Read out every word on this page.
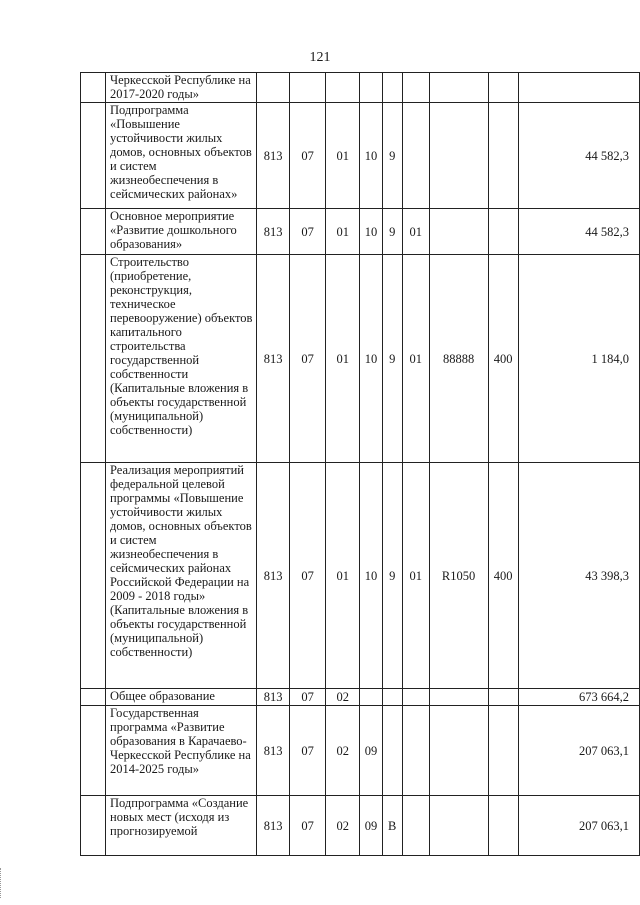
121
	Черкесской Республике на 2017-2020 годы»									
	Подпрограмма «Повышение устойчивости жилых домов, основных объектов и систем жизнеобеспечения в сейсмических районах»	813	07	01	10	9				44 582,3
	Основное мероприятие «Развитие дошкольного образования»	813	07	01	10	9	01			44 582,3
	Строительство (приобретение, реконструкция, техническое перевооружение) объектов капитального строительства государственной собственности (Капитальные вложения в объекты государственной (муниципальной) собственности)	813	07	01	10	9	01	88888	400	1 184,0
	Реализация мероприятий федеральной целевой программы «Повышение устойчивости жилых домов, основных объектов и систем жизнеобеспечения в сейсмических районах Российской Федерации на 2009 - 2018 годы» (Капитальные вложения в объекты государственной (муниципальной) собственности)	813	07	01	10	9	01	R1050	400	43 398,3
	Общее образование	813	07	02						673 664,2
	Государственная программа «Развитие образования в Карачаево-Черкесской Республике на 2014-2025 годы»	813	07	02	09					207 063,1
	Подпрограмма «Создание новых мест (исходя из прогнозируемой	813	07	02	09	В				207 063,1
